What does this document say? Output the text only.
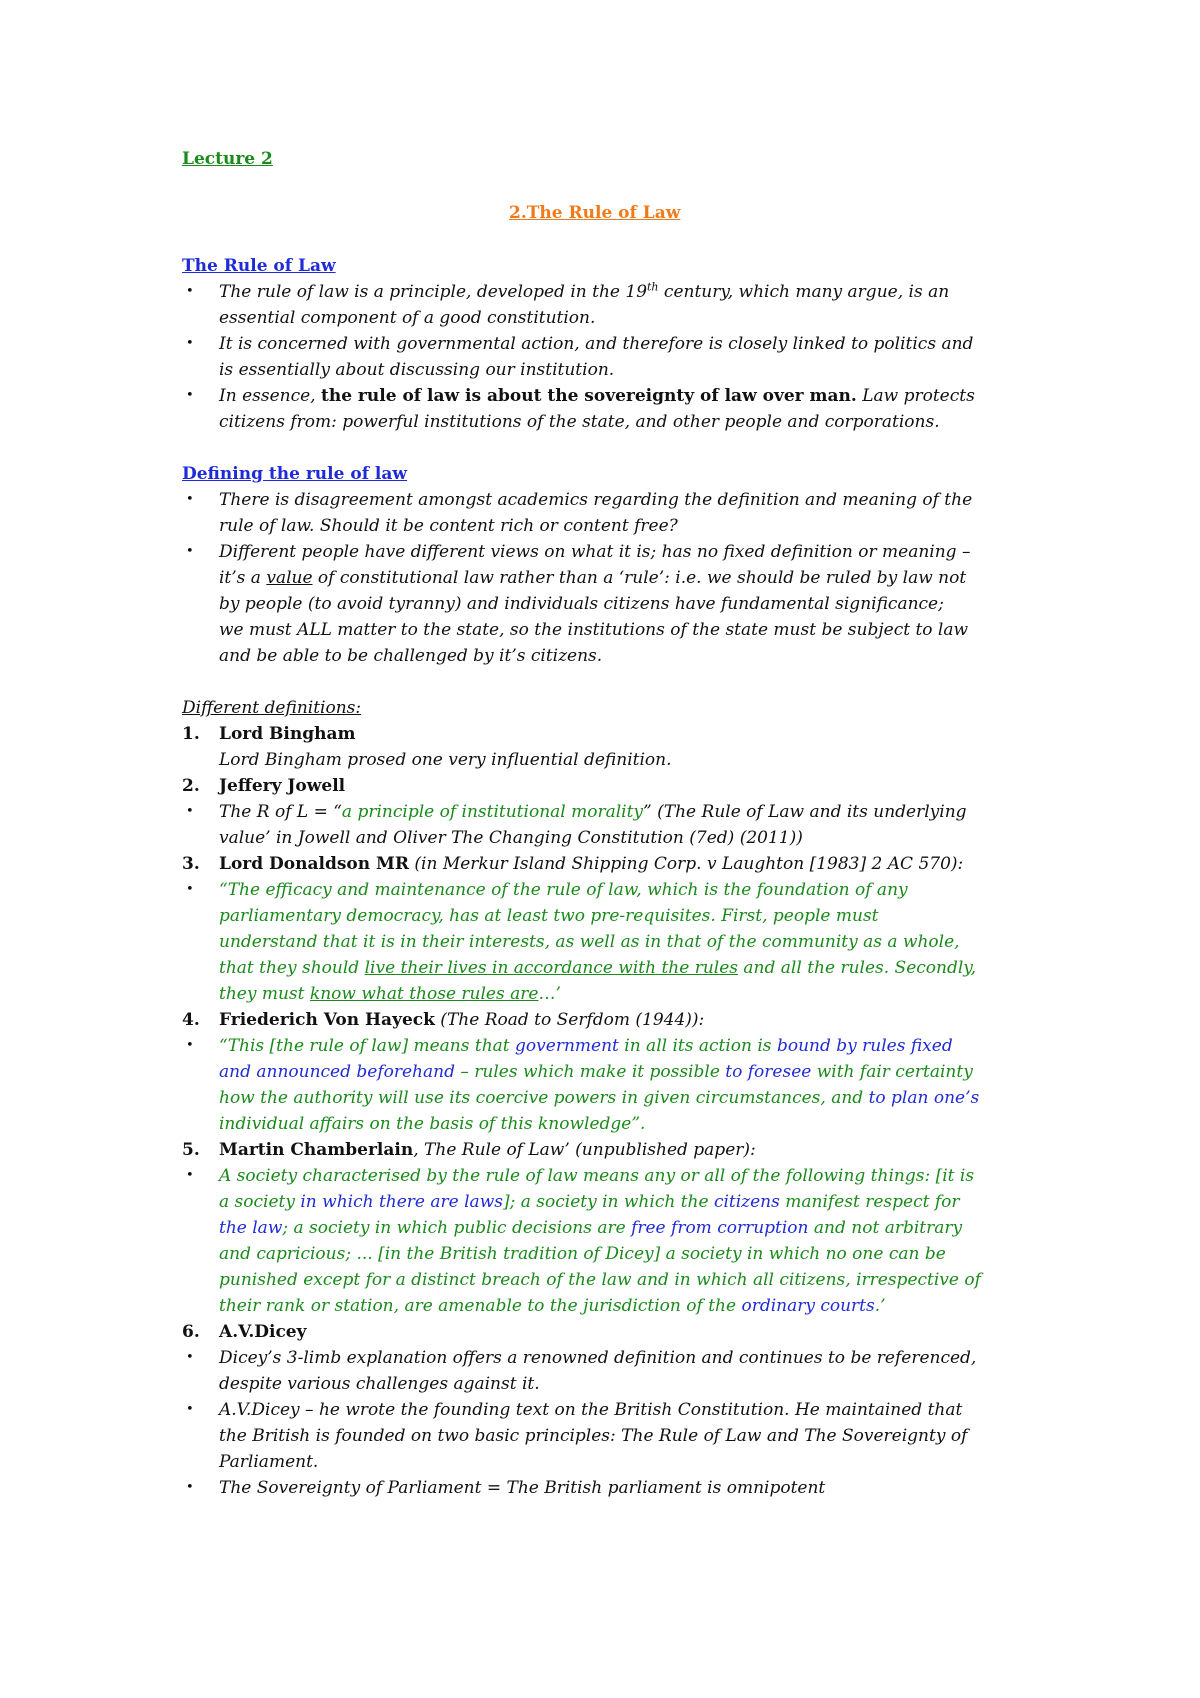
Lecture 2
2.The Rule of Law
The Rule of Law
• The rule of law is a principle, developed in the 19th century, which many argue, is an
essential component of a good constitution.
• It is concerned with governmental action, and therefore is closely linked to politics and
is essentially about discussing our institution.
• In essence, the rule of law is about the sovereignty of law over man. Law protects
citizens from: powerful institutions of the state, and other people and corporations.
Defining the rule of law
• There is disagreement amongst academics regarding the definition and meaning of the
rule of law. Should it be content rich or content free?
• Different people have different views on what it is; has no fixed definition or meaning –
it’s a value of constitutional law rather than a ‘rule’: i.e. we should be ruled by law not
by people (to avoid tyranny) and individuals citizens have fundamental significance;
we must ALL matter to the state, so the institutions of the state must be subject to law
and be able to be challenged by it’s citizens.
Different definitions:
1. Lord Bingham
Lord Bingham prosed one very influential definition.
2. Jeffery Jowell
• The R of L = “a principle of institutional morality” (The Rule of Law and its underlying
value’ in Jowell and Oliver The Changing Constitution (7ed) (2011))
3. Lord Donaldson MR (in Merkur Island Shipping Corp. v Laughton [1983] 2 AC 570):
• “The efficacy and maintenance of the rule of law, which is the foundation of any
parliamentary democracy, has at least two pre-requisites. First, people must
understand that it is in their interests, as well as in that of the community as a whole,
that they should live their lives in accordance with the rules and all the rules. Secondly,
they must know what those rules are…’
4. Friederich Von Hayeck (The Road to Serfdom (1944)):
• “This [the rule of law] means that government in all its action is bound by rules fixed
and announced beforehand – rules which make it possible to foresee with fair certainty
how the authority will use its coercive powers in given circumstances, and to plan one’s
individual affairs on the basis of this knowledge”.
5. Martin Chamberlain, The Rule of Law’ (unpublished paper):
• A society characterised by the rule of law means any or all of the following things: [it is
a society in which there are laws]; a society in which the citizens manifest respect for
the law; a society in which public decisions are free from corruption and not arbitrary
and capricious; ... [in the British tradition of Dicey] a society in which no one can be
punished except for a distinct breach of the law and in which all citizens, irrespective of
their rank or station, are amenable to the jurisdiction of the ordinary courts.’
6. A.V.Dicey
• Dicey’s 3-limb explanation offers a renowned definition and continues to be referenced,
despite various challenges against it.
• A.V.Dicey – he wrote the founding text on the British Constitution. He maintained that
the British is founded on two basic principles: The Rule of Law and The Sovereignty of
Parliament.
• The Sovereignty of Parliament = The British parliament is omnipotent
